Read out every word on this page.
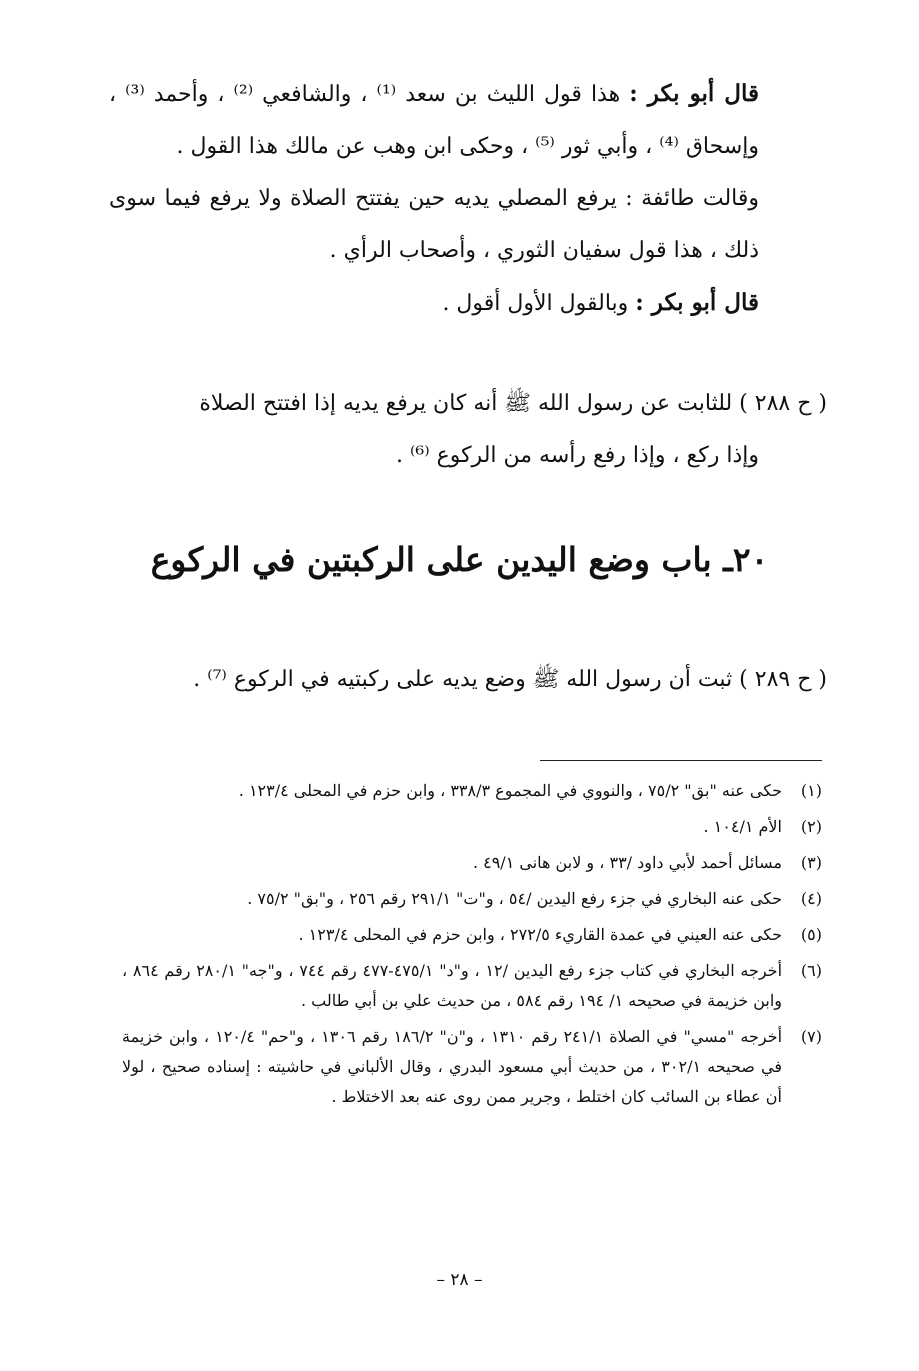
قال أبو بكر : هذا قول الليث بن سعد ⁽¹⁾ ، والشافعي ⁽²⁾ ، وأحمد ⁽³⁾ ، وإسحاق ⁽⁴⁾ ، وأبي ثور ⁽⁵⁾ ، وحكى ابن وهب عن مالك هذا القول .

وقالت طائفة : يرفع المصلي يديه حين يفتتح الصلاة ولا يرفع فيما سوى ذلك ، هذا قول سفيان الثوري ، وأصحاب الرأي .

قال أبو بكر : وبالقول الأول أقول .

( ح ٢٨٨ ) للثابت عن رسول الله ﷺ أنه كان يرفع يديه إذا افتتح الصلاة
وإذا ركع ، وإذا رفع رأسه من الركوع ⁽⁶⁾ .
٢٠ـ باب وضع اليدين على الركبتين في الركوع
( ح ٢٨٩ ) ثبت أن رسول الله ﷺ وضع يديه على ركبتيه في الركوع ⁽⁷⁾ .
(١)
حكى عنه "بق" ٧٥/٢ ، والنووي في المجموع ٣٣٨/٣ ، وابن حزم في المحلى ١٢٣/٤ .
(٢)
الأم ١٠٤/١ .
(٣)
مسائل أحمد لأبي داود /٣٣ ، و لابن هانى ٤٩/١ .
(٤)
حكى عنه البخاري في جزء رفع اليدين /٥٤ ، و"ت" ٢٩١/١ رقم ٢٥٦ ، و"بق" ٧٥/٢ .
(٥)
حكى عنه العيني في عمدة القاريء ٢٧٢/٥ ، وابن حزم في المحلى ١٢٣/٤ .
(٦)
أخرجه البخاري في كتاب جزء رفع اليدين /١٢ ، و"د" ٤٧٥/١-٤٧٧ رقم ٧٤٤ ، و"جه" ٢٨٠/١ رقم ٨٦٤ ، وابن خزيمة في صحيحه ١/ ١٩٤ رقم ٥٨٤ ، من حديث علي بن أبي طالب .
(٧)
أخرجه "مسي" في الصلاة ٢٤١/١ رقم ١٣١٠ ، و"ن" ١٨٦/٢ رقم ١٣٠٦ ، و"حم" ١٢٠/٤ ، وابن خزيمة في صحيحه ٣٠٢/١ ، من حديث أبي مسعود البدري ، وقال الألباني في حاشيته : إسناده صحيح ، لولا أن عطاء بن السائب كان اختلط ، وجرير ممن روى عنه بعد الاختلاط .
– ٢٨ –
